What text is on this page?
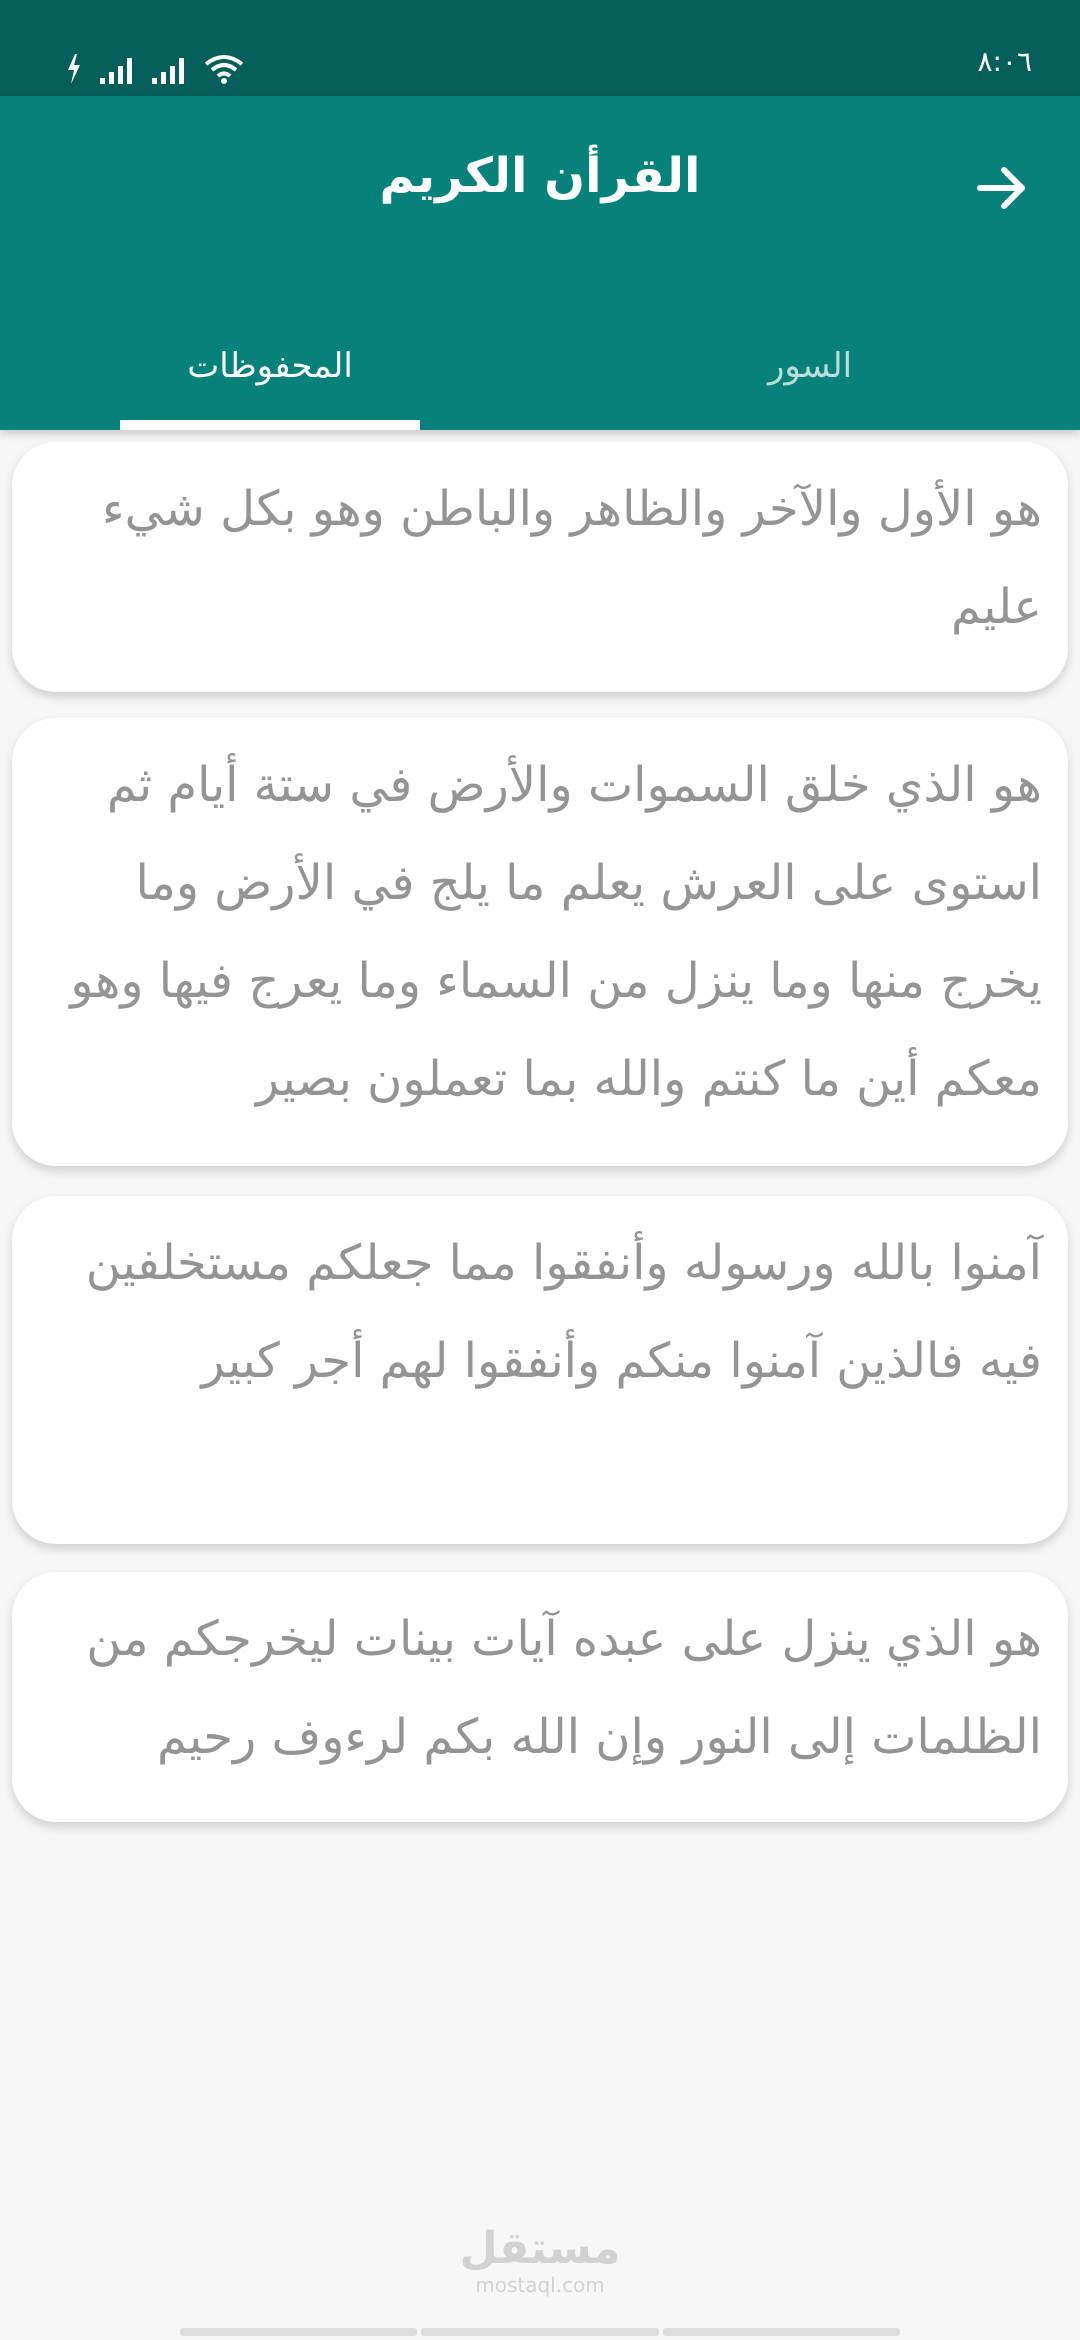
٨:٠٦
القرأن الكريم
المحفوظات	السور
هو الأول والآخر والظاهر والباطن وهو بكل شيء عليم
هو الذي خلق السموات والأرض في ستة أيام ثم استوى على العرش يعلم ما يلج في الأرض وما يخرج منها وما ينزل من السماء وما يعرج فيها وهو معكم أين ما كنتم والله بما تعملون بصير
آمنوا بالله ورسوله وأنفقوا مما جعلكم مستخلفين فيه فالذين آمنوا منكم وأنفقوا لهم أجر كبير
هو الذي ينزل على عبده آيات بينات ليخرجكم من الظلمات إلى النور وإن الله بكم لرءوف رحيم
مستقل
mostaql.com
